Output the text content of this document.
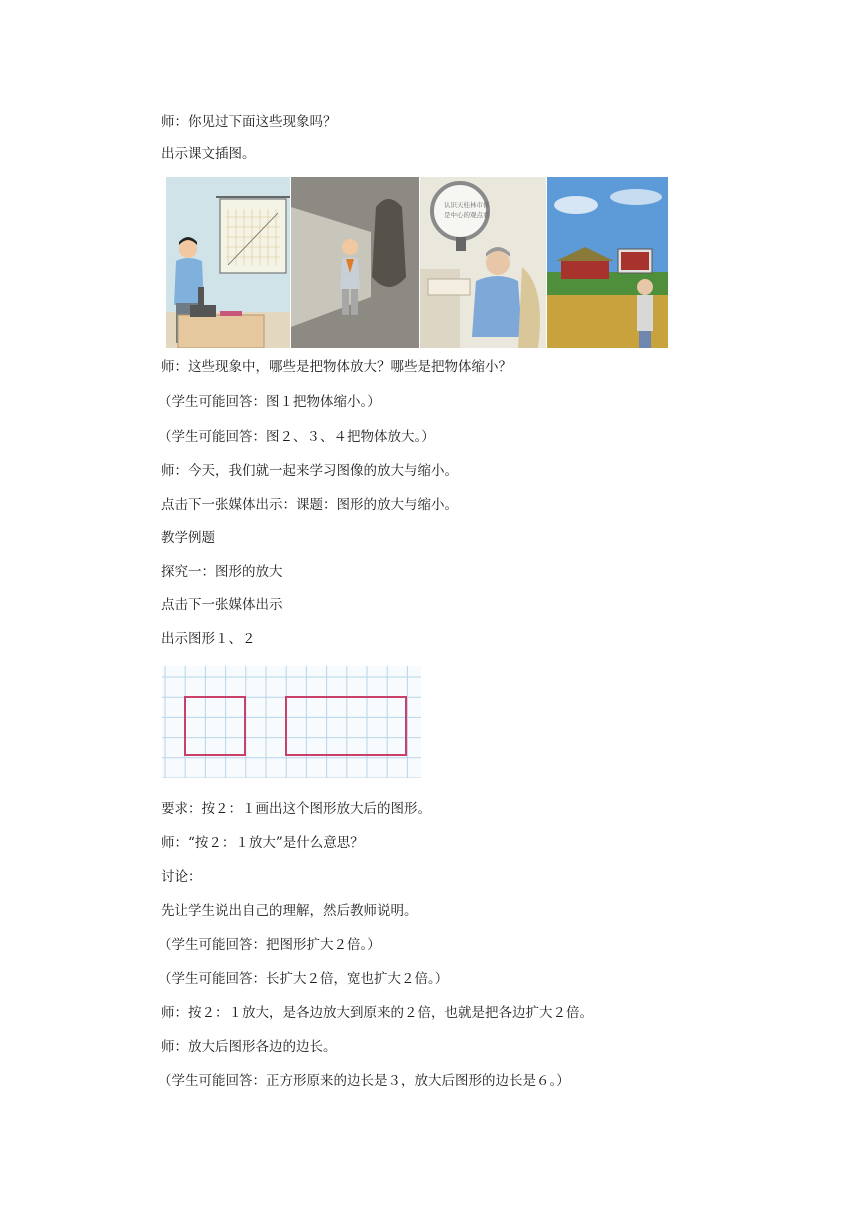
师：你见过下面这些现象吗？
出示课文插图。
认识天桂林市体
是中心的观点看
师：这些现象中，哪些是把物体放大？哪些是把物体缩小？
（学生可能回答：图１把物体缩小。）
（学生可能回答：图２、３、４把物体放大。）
师：今天，我们就一起来学习图像的放大与缩小。
点击下一张媒体出示：课题：图形的放大与缩小。
教学例题
探究一：图形的放大
点击下一张媒体出示
出示图形１、２
要求：按２：１画出这个图形放大后的图形。
师：“按２：１放大”是什么意思？
讨论：
先让学生说出自己的理解，然后教师说明。
（学生可能回答：把图形扩大２倍。）
（学生可能回答：长扩大２倍，宽也扩大２倍。）
师：按２：１放大，是各边放大到原来的２倍，也就是把各边扩大２倍。
师：放大后图形各边的边长。
（学生可能回答：正方形原来的边长是３，放大后图形的边长是６。）
